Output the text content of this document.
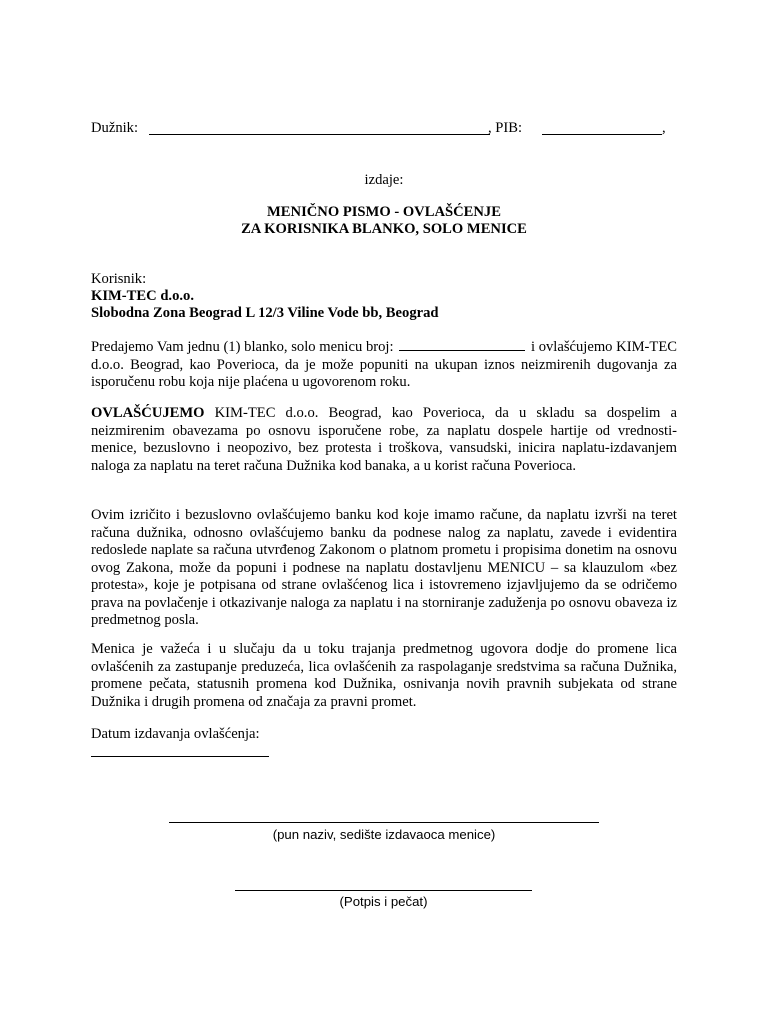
Dužnik:	, PIB:	,
izdaje:
MENIČNO PISMO - OVLAŠĆENJE
ZA KORISNIKA BLANKO, SOLO MENICE
Korisnik:
KIM-TEC d.o.o.
Slobodna Zona Beograd L 12/3 Viline Vode bb, Beograd
Predajemo Vam jednu (1) blanko, solo menicu broj:	i ovlašćujemo KIM-TEC d.o.o. Beograd, kao Poverioca, da je može popuniti na ukupan iznos neizmirenih dugovanja za isporučenu robu koja nije plaćena u ugovorenom roku.
OVLAŠĆUJEMO KIM-TEC d.o.o. Beograd, kao Poverioca, da u skladu sa dospelim a neizmirenim obavezama po osnovu isporučene robe, za naplatu dospele hartije od vrednosti-menice, bezuslovno i neopozivo, bez protesta i troškova, vansudski, inicira naplatu-izdavanjem naloga za naplatu na teret računa Dužnika kod banaka, a u korist računa Poverioca.
Ovim izričito i bezuslovno ovlašćujemo banku kod koje imamo račune, da naplatu izvrši na teret računa dužnika, odnosno ovlašćujemo banku da podnese nalog za naplatu, zavede i evidentira redoslede naplate sa računa utvrđenog Zakonom o platnom prometu i propisima donetim na osnovu ovog Zakona, može da popuni i podnese na naplatu dostavljenu MENICU – sa klauzulom «bez protesta», koje je potpisana od strane ovlašćenog lica i istovremeno izjavljujemo da se odričemo prava na povlačenje i otkazivanje naloga za naplatu i na storniranje zaduženja po osnovu obaveza iz predmetnog posla.
Menica je važeća i u slučaju da u toku trajanja predmetnog ugovora dodje do promene lica ovlašćenih za zastupanje preduzeća, lica ovlašćenih za raspolaganje sredstvima sa računa Dužnika, promene pečata, statusnih promena kod Dužnika, osnivanja novih pravnih subjekata od strane Dužnika i drugih promena od značaja za pravni promet.
Datum izdavanja ovlašćenja:
(pun naziv, sedište izdavaoca menice)
(Potpis i pečat)
